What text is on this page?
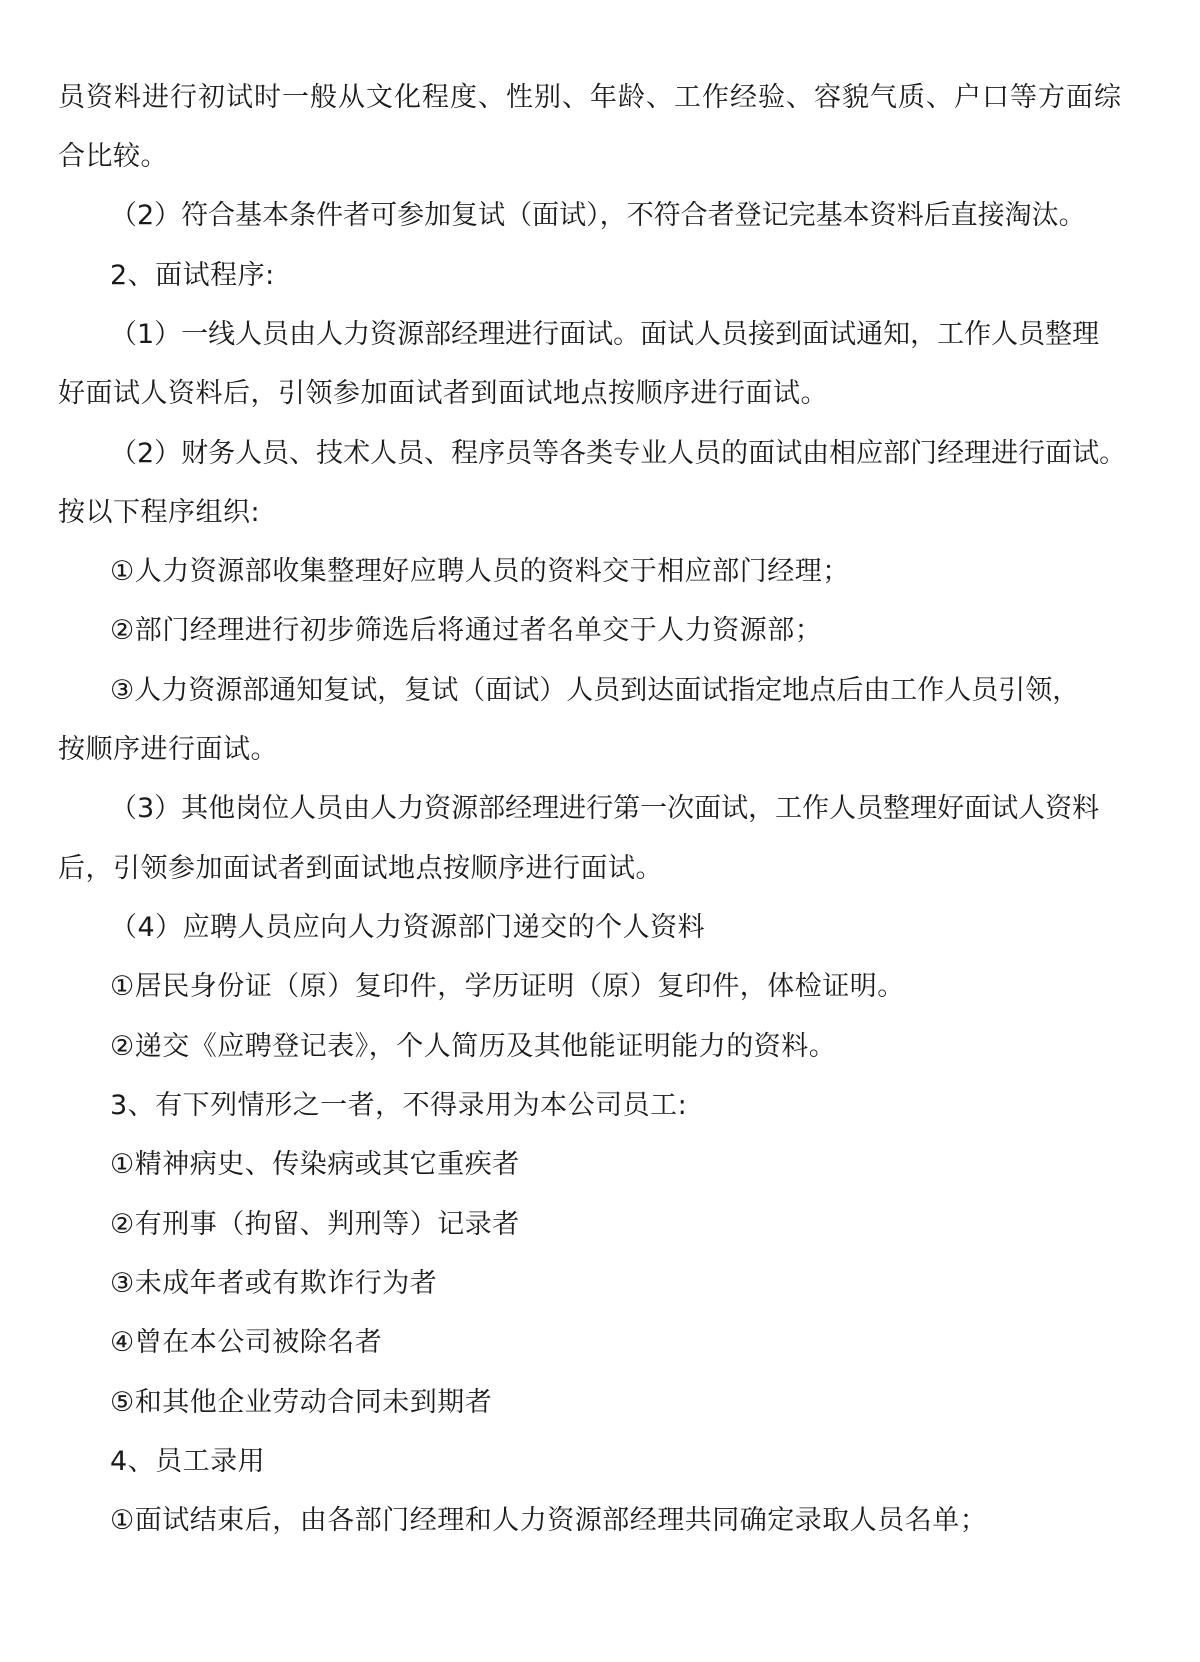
员资料进行初试时一般从文化程度、性别、年龄、工作经验、容貌气质、户口等方面综
合比较。
（2）符合基本条件者可参加复试（面试），不符合者登记完基本资料后直接淘汰。
2、面试程序:
（1）一线人员由人力资源部经理进行面试。面试人员接到面试通知，工作人员整理
好面试人资料后，引领参加面试者到面试地点按顺序进行面试。
（2）财务人员、技术人员、程序员等各类专业人员的面试由相应部门经理进行面试。
按以下程序组织:
①人力资源部收集整理好应聘人员的资料交于相应部门经理；
②部门经理进行初步筛选后将通过者名单交于人力资源部；
③人力资源部通知复试，复试（面试）人员到达面试指定地点后由工作人员引领，
按顺序进行面试。
（3）其他岗位人员由人力资源部经理进行第一次面试，工作人员整理好面试人资料
后，引领参加面试者到面试地点按顺序进行面试。
（4）应聘人员应向人力资源部门递交的个人资料
①居民身份证（原）复印件，学历证明（原）复印件，体检证明。
②递交《应聘登记表》，个人简历及其他能证明能力的资料。
3、有下列情形之一者，不得录用为本公司员工:
①精神病史、传染病或其它重疾者
②有刑事（拘留、判刑等）记录者
③未成年者或有欺诈行为者
④曾在本公司被除名者
⑤和其他企业劳动合同未到期者
4、员工录用
①面试结束后，由各部门经理和人力资源部经理共同确定录取人员名单；
